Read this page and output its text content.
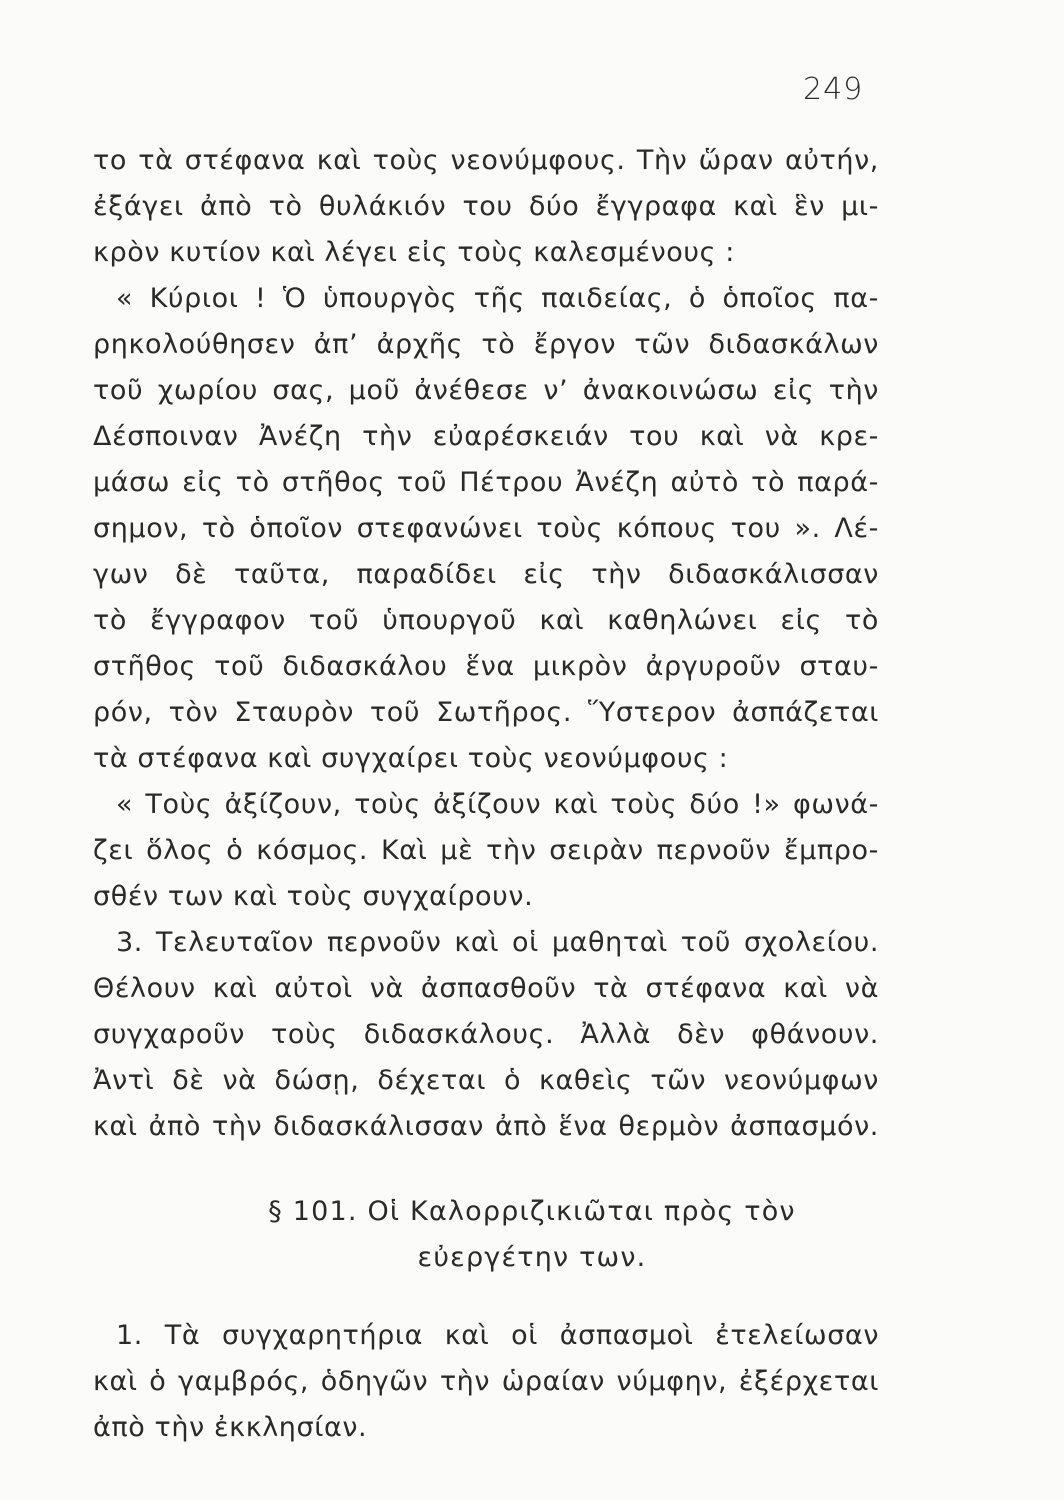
249
το τὰ στέφανα καὶ τοὺς νεονύμφους. Τὴν ὥραν αὐτήν,
ἐξάγει ἀπὸ τὸ θυλάκιόν του δύο ἔγγραφα καὶ ἓν μι-
κρὸν κυτίον καὶ λέγει εἰς τοὺς καλεσμένους :
« Κύριοι ! Ὁ ὑπουργὸς τῆς παιδείας, ὁ ὁποῖος πα-
ρηκολούθησεν ἀπ’ ἀρχῆς τὸ ἔργον τῶν διδασκάλων
τοῦ χωρίου σας, μοῦ ἀνέθεσε ν’ ἀνακοινώσω εἰς τὴν
Δέσποιναν Ἀνέζη τὴν εὐαρέσκειάν του καὶ νὰ κρε-
μάσω εἰς τὸ στῆθος τοῦ Πέτρου Ἀνέζη αὐτὸ τὸ παρά-
σημον, τὸ ὁποῖον στεφανώνει τοὺς κόπους του ». Λέ-
γων δὲ ταῦτα, παραδίδει εἰς τὴν διδασκάλισσαν
τὸ ἔγγραφον τοῦ ὑπουργοῦ καὶ καθηλώνει εἰς τὸ
στῆθος τοῦ διδασκάλου ἕνα μικρὸν ἀργυροῦν σταυ-
ρόν, τὸν Σταυρὸν τοῦ Σωτῆρος. Ὕστερον ἀσπάζεται
τὰ στέφανα καὶ συγχαίρει τοὺς νεονύμφους :
« Τοὺς ἀξίζουν, τοὺς ἀξίζουν καὶ τοὺς δύο !» φωνά-
ζει ὅλος ὁ κόσμος. Καὶ μὲ τὴν σειρὰν περνοῦν ἔμπρο-
σθέν των καὶ τοὺς συγχαίρουν.
3. Τελευταῖον περνοῦν καὶ οἱ μαθηταὶ τοῦ σχολείου.
Θέλουν καὶ αὐτοὶ νὰ ἀσπασθοῦν τὰ στέφανα καὶ νὰ
συγχαροῦν τοὺς διδασκάλους. Ἀλλὰ δὲν φθάνουν.
Ἀντὶ δὲ νὰ δώσῃ, δέχεται ὁ καθεὶς τῶν νεονύμφων
καὶ ἀπὸ τὴν διδασκάλισσαν ἀπὸ ἕνα θερμὸν ἀσπασμόν.
§ 101. Οἱ Καλορριζικιῶται πρὸς τὸν
εὐεργέτην των.
1. Τὰ συγχαρητήρια καὶ οἱ ἀσπασμοὶ ἐτελείωσαν
καὶ ὁ γαμβρός, ὁδηγῶν τὴν ὡραίαν νύμφην, ἐξέρχεται
ἀπὸ τὴν ἐκκλησίαν.
